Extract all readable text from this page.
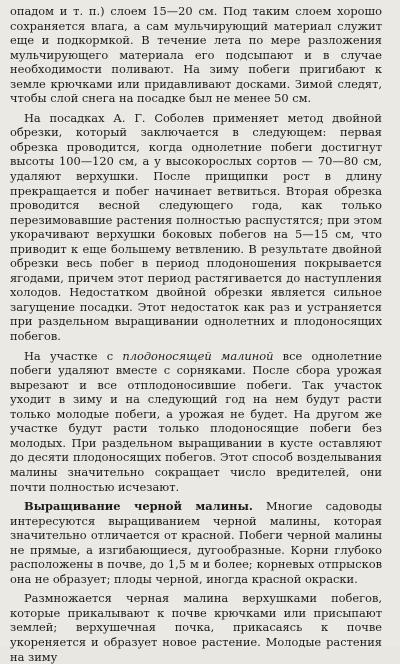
опадом и т. п.) слоем 15—20 см. Под таким слоем хорошо сохраняется влага, а сам мульчирующий материал служит еще и подкормкой. В течение лета по мере разложения мульчирующего материала его подсыпают и в случае необходимости поливают. На зиму побеги пригибают к земле крючками или придавливают досками. Зимой следят, чтобы слой снега на посадке был не менее 50 см.

На посадках А. Г. Соболев применяет метод двойной обрезки, который заключается в следующем: первая обрезка проводится, когда однолетние побеги достигнут высоты 100—120 см, а у высокорослых сортов — 70—80 см, удаляют верхушки. После прищипки рост в длину прекращается и побег начинает ветвиться. Вторая обрезка проводится весной следующего года, как только перезимовавшие растения полностью распустятся; при этом укорачивают верхушки боковых побегов на 5—15 см, что приводит к еще большему ветвлению. В результате двойной обрезки весь побег в период плодоношения покрывается ягодами, причем этот период растягивается до наступления холодов. Недостатком двойной обрезки является сильное загущение посадки. Этот недостаток как раз и устраняется при раздельном выращивании однолетних и плодоносящих побегов.

На участке с плодоносящей малиной все однолетние побеги удаляют вместе с сорняками. После сбора урожая вырезают и все отплодоносившие побеги. Так участок уходит в зиму и на следующий год на нем будут расти только молодые побеги, а урожая не будет. На другом же участке будут расти только плодоносящие побеги без молодых. При раздельном выращивании в кусте оставляют до десяти плодоносящих побегов. Этот способ возделывания малины значительно сокращает число вредителей, они почти полностью исчезают.

Выращивание черной малины. Многие садоводы интересуются выращиванием черной малины, которая значительно отличается от красной. Побеги черной малины не прямые, а изгибающиеся, дугообразные. Корни глубоко расположены в почве, до 1,5 м и более; корневых отпрысков она не образует; плоды черной, иногда красной окраски.

Размножается черная малина верхушками побегов, которые прикалывают к почве крючками или присыпают землей; верхушечная почка, прикасаясь к почве укореняется и образует новое растение. Молодые растения на зиму
